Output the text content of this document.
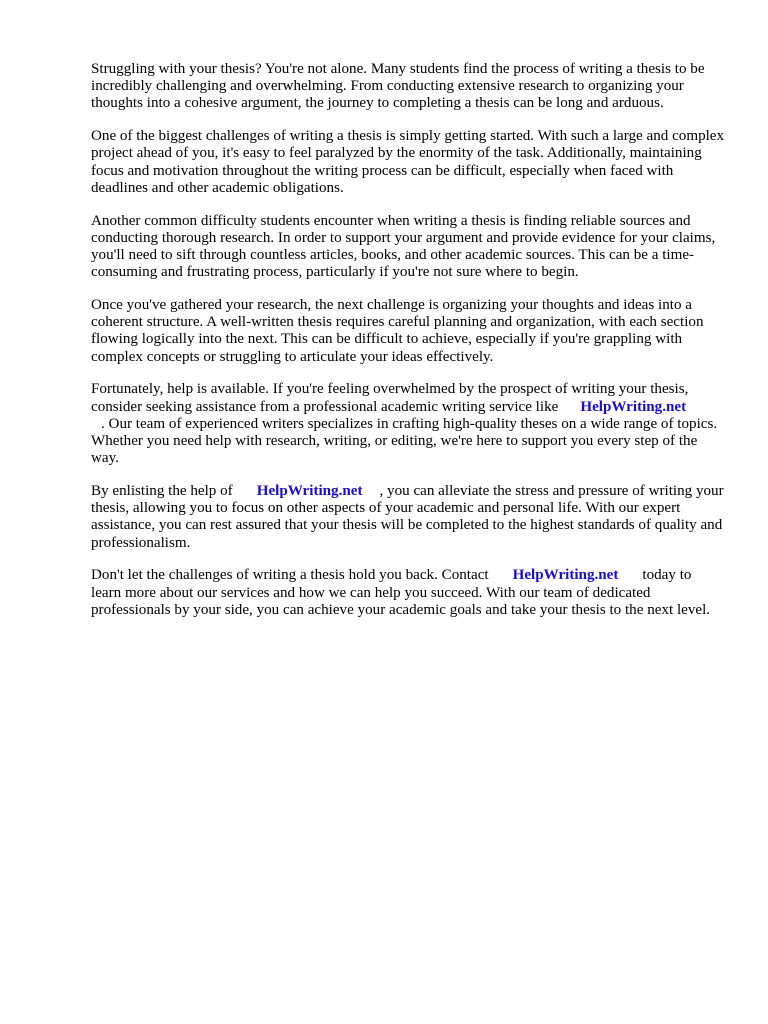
Struggling with your thesis? You're not alone. Many students find the process of writing a thesis to be incredibly challenging and overwhelming. From conducting extensive research to organizing your thoughts into a cohesive argument, the journey to completing a thesis can be long and arduous.

One of the biggest challenges of writing a thesis is simply getting started. With such a large and complex project ahead of you, it's easy to feel paralyzed by the enormity of the task. Additionally, maintaining focus and motivation throughout the writing process can be difficult, especially when faced with deadlines and other academic obligations.

Another common difficulty students encounter when writing a thesis is finding reliable sources and conducting thorough research. In order to support your argument and provide evidence for your claims, you'll need to sift through countless articles, books, and other academic sources. This can be a time-consuming and frustrating process, particularly if you're not sure where to begin.

Once you've gathered your research, the next challenge is organizing your thoughts and ideas into a coherent structure. A well-written thesis requires careful planning and organization, with each section flowing logically into the next. This can be difficult to achieve, especially if you're grappling with complex concepts or struggling to articulate your ideas effectively.

Fortunately, help is available. If you're feeling overwhelmed by the prospect of writing your thesis, consider seeking assistance from a professional academic writing service like HelpWriting.net
. Our team of experienced writers specializes in crafting high-quality theses on a wide range of topics. Whether you need help with research, writing, or editing, we're here to support you every step of the way.

By enlisting the help of HelpWriting.net , you can alleviate the stress and pressure of writing your thesis, allowing you to focus on other aspects of your academic and personal life. With our expert assistance, you can rest assured that your thesis will be completed to the highest standards of quality and professionalism.

Don't let the challenges of writing a thesis hold you back. Contact HelpWriting.net today to learn more about our services and how we can help you succeed. With our team of dedicated professionals by your side, you can achieve your academic goals and take your thesis to the next level.
